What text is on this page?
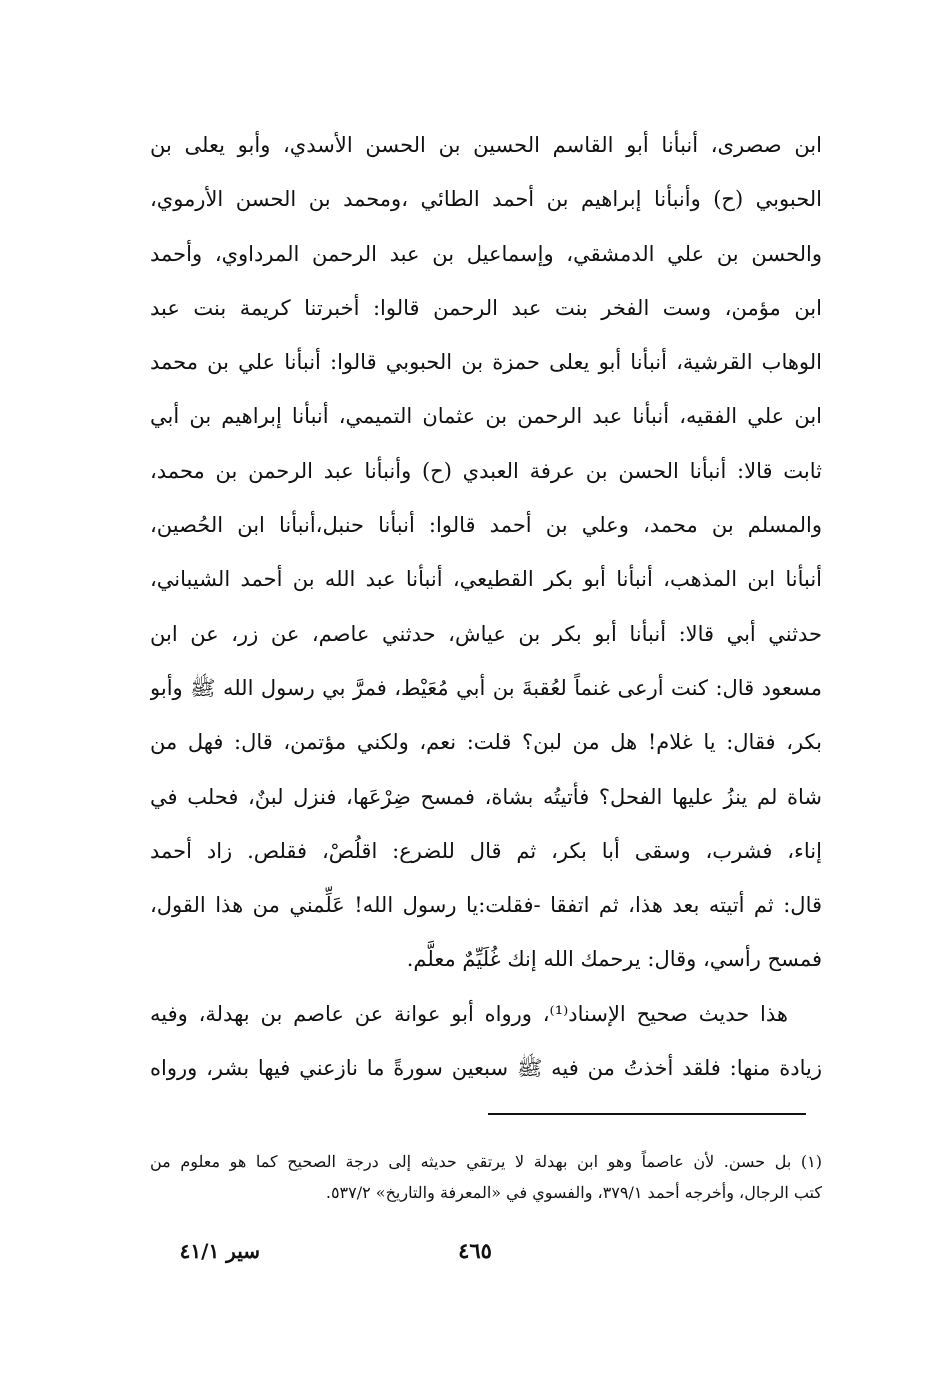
ابن صصرى، أنبأنا أبو القاسم الحسين بن الحسن الأسدي، وأبو يعلى بن
الحبوبي (ح) وأنبأنا إبراهيم بن أحمد الطائي ،ومحمد بن الحسن الأرموي،
والحسن بن علي الدمشقي، وإسماعيل بن عبد الرحمن المرداوي، وأحمد
ابن مؤمن، وست الفخر بنت عبد الرحمن قالوا: أخبرتنا كريمة بنت عبد
الوهاب القرشية، أنبأنا أبو يعلى حمزة بن الحبوبي قالوا: أنبأنا علي بن محمد
ابن علي الفقيه، أنبأنا عبد الرحمن بن عثمان التميمي، أنبأنا إبراهيم بن أبي
ثابت قالا: أنبأنا الحسن بن عرفة العبدي (ح) وأنبأنا عبد الرحمن بن محمد،
والمسلم بن محمد، وعلي بن أحمد قالوا: أنبأنا حنبل،أنبأنا ابن الحُصين،
أنبأنا ابن المذهب، أنبأنا أبو بكر القطيعي، أنبأنا عبد الله بن أحمد الشيباني،
حدثني أبي قالا: أنبأنا أبو بكر بن عياش، حدثني عاصم، عن زر، عن ابن
مسعود قال: كنت أرعى غنماً لعُقبةَ بن أبي مُعَيْط، فمرَّ بي رسول الله ﷺ وأبو
بكر، فقال: يا غلام! هل من لبن؟ قلت: نعم، ولكني مؤتمن، قال: فهل من
شاة لم ينزُ عليها الفحل؟ فأتيتُه بشاة، فمسح ضِرْعَها، فنزل لبنٌ، فحلب في
إناء، فشرب، وسقى أبا بكر، ثم قال للضرع: اقلُصْ، فقلص. زاد أحمد
قال: ثم أتيته بعد هذا، ثم اتفقا -فقلت:يا رسول الله! عَلِّمني من هذا القول،
فمسح رأسي، وقال: يرحمك الله إنك غُلَيِّمٌ معلَّم.
هذا حديث صحيح الإسناد⁽¹⁾، ورواه أبو عوانة عن عاصم بن بهدلة، وفيه
زيادة منها: فلقد أخذتُ من فيه ﷺ سبعين سورةً ما نازعني فيها بشر، ورواه
(١) بل حسن. لأن عاصماً وهو ابن بهدلة لا يرتقي حديثه إلى درجة الصحيح كما هو معلوم من
كتب الرجال، وأخرجه أحمد ٣٧٩/١، والفسوي في «المعرفة والتاريخ» ٥٣٧/٢.
٤٦٥
سير ٤١/١
